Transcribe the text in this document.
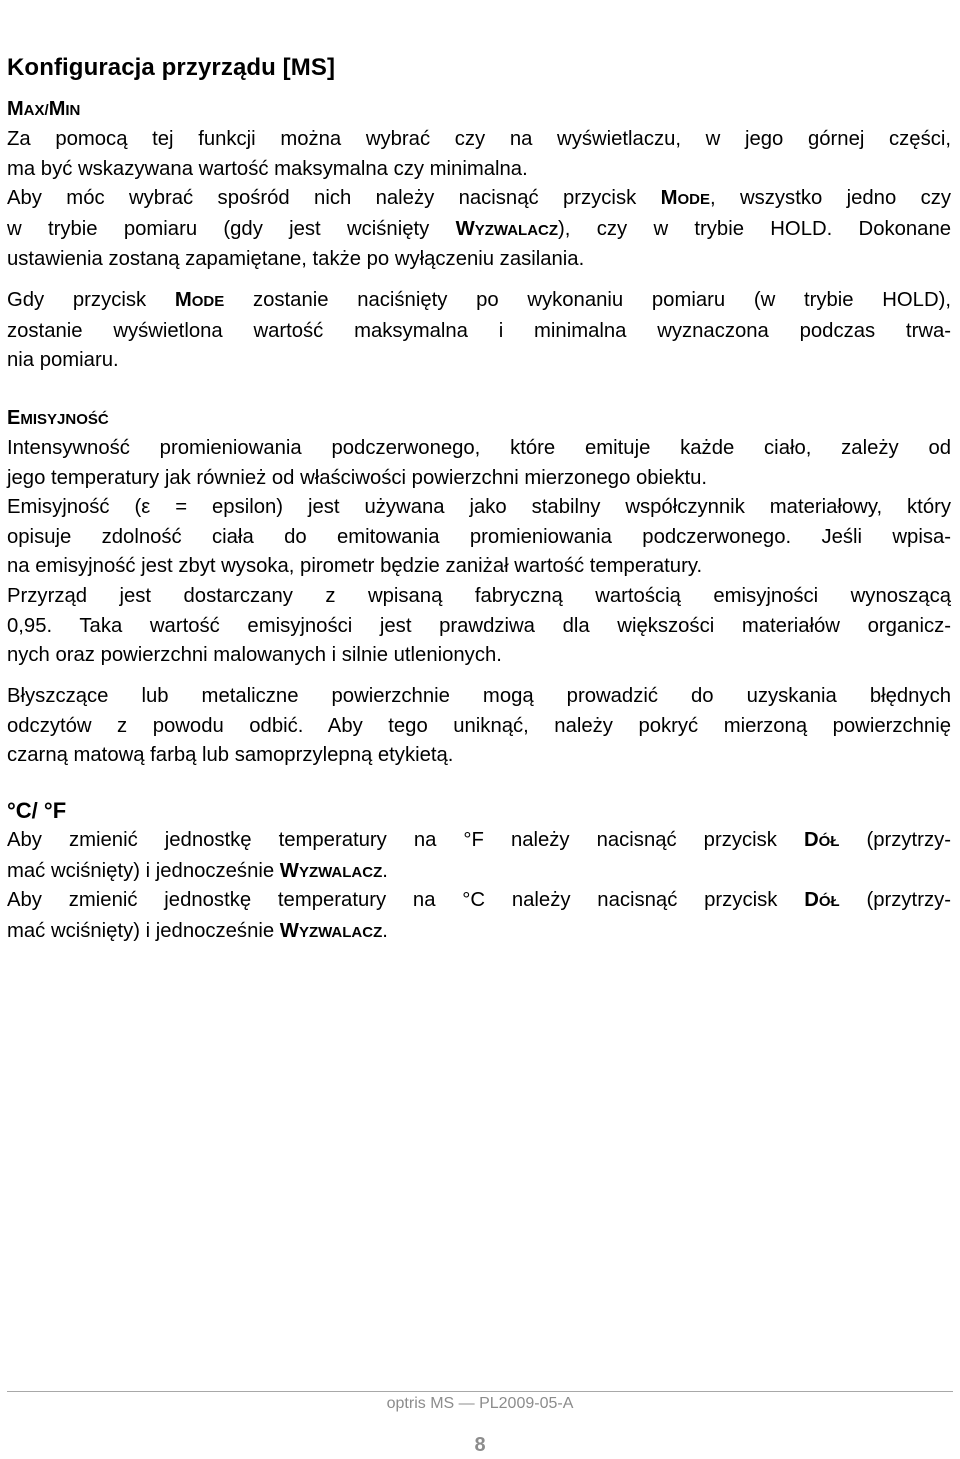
Konfiguracja przyrządu [MS]
MAX/MIN
Za pomocą tej funkcji można wybrać czy na wyświetlaczu, w jego górnej części,
ma być wskazywana wartość maksymalna czy minimalna.
Aby móc wybrać spośród nich należy nacisnąć przycisk MODE, wszystko jedno czy
w trybie pomiaru (gdy jest wciśnięty WYZWALACZ), czy w trybie HOLD. Dokonane
ustawienia zostaną zapamiętane, także po wyłączeniu zasilania.
Gdy przycisk MODE zostanie naciśnięty po wykonaniu pomiaru (w trybie HOLD),
zostanie wyświetlona wartość maksymalna i minimalna wyznaczona podczas trwa-
nia pomiaru.
EMISYJNOŚĆ
Intensywność promieniowania podczerwonego, które emituje każde ciało, zależy od
jego temperatury jak również od właściwości powierzchni mierzonego obiektu.
Emisyjność (ε = epsilon) jest używana jako stabilny współczynnik materiałowy, który
opisuje zdolność ciała do emitowania promieniowania podczerwonego. Jeśli wpisa-
na emisyjność jest zbyt wysoka, pirometr będzie zaniżał wartość temperatury.
Przyrząd jest dostarczany z wpisaną fabryczną wartością emisyjności wynoszącą
0,95. Taka wartość emisyjności jest prawdziwa dla większości materiałów organicz-
nych oraz powierzchni malowanych i silnie utlenionych.
Błyszczące lub metaliczne powierzchnie mogą prowadzić do uzyskania błędnych
odczytów z powodu odbić. Aby tego uniknąć, należy pokryć mierzoną powierzchnię
czarną matową farbą lub samoprzylepną etykietą.
°C/ °F
Aby zmienić jednostkę temperatury na °F należy nacisnąć przycisk DÓŁ (przytrzy-
mać wciśnięty) i jednocześnie WYZWALACZ.
Aby zmienić jednostkę temperatury na °C należy nacisnąć przycisk DÓŁ (przytrzy-
mać wciśnięty) i jednocześnie WYZWALACZ.
optris MS — PL2009-05-A
8
